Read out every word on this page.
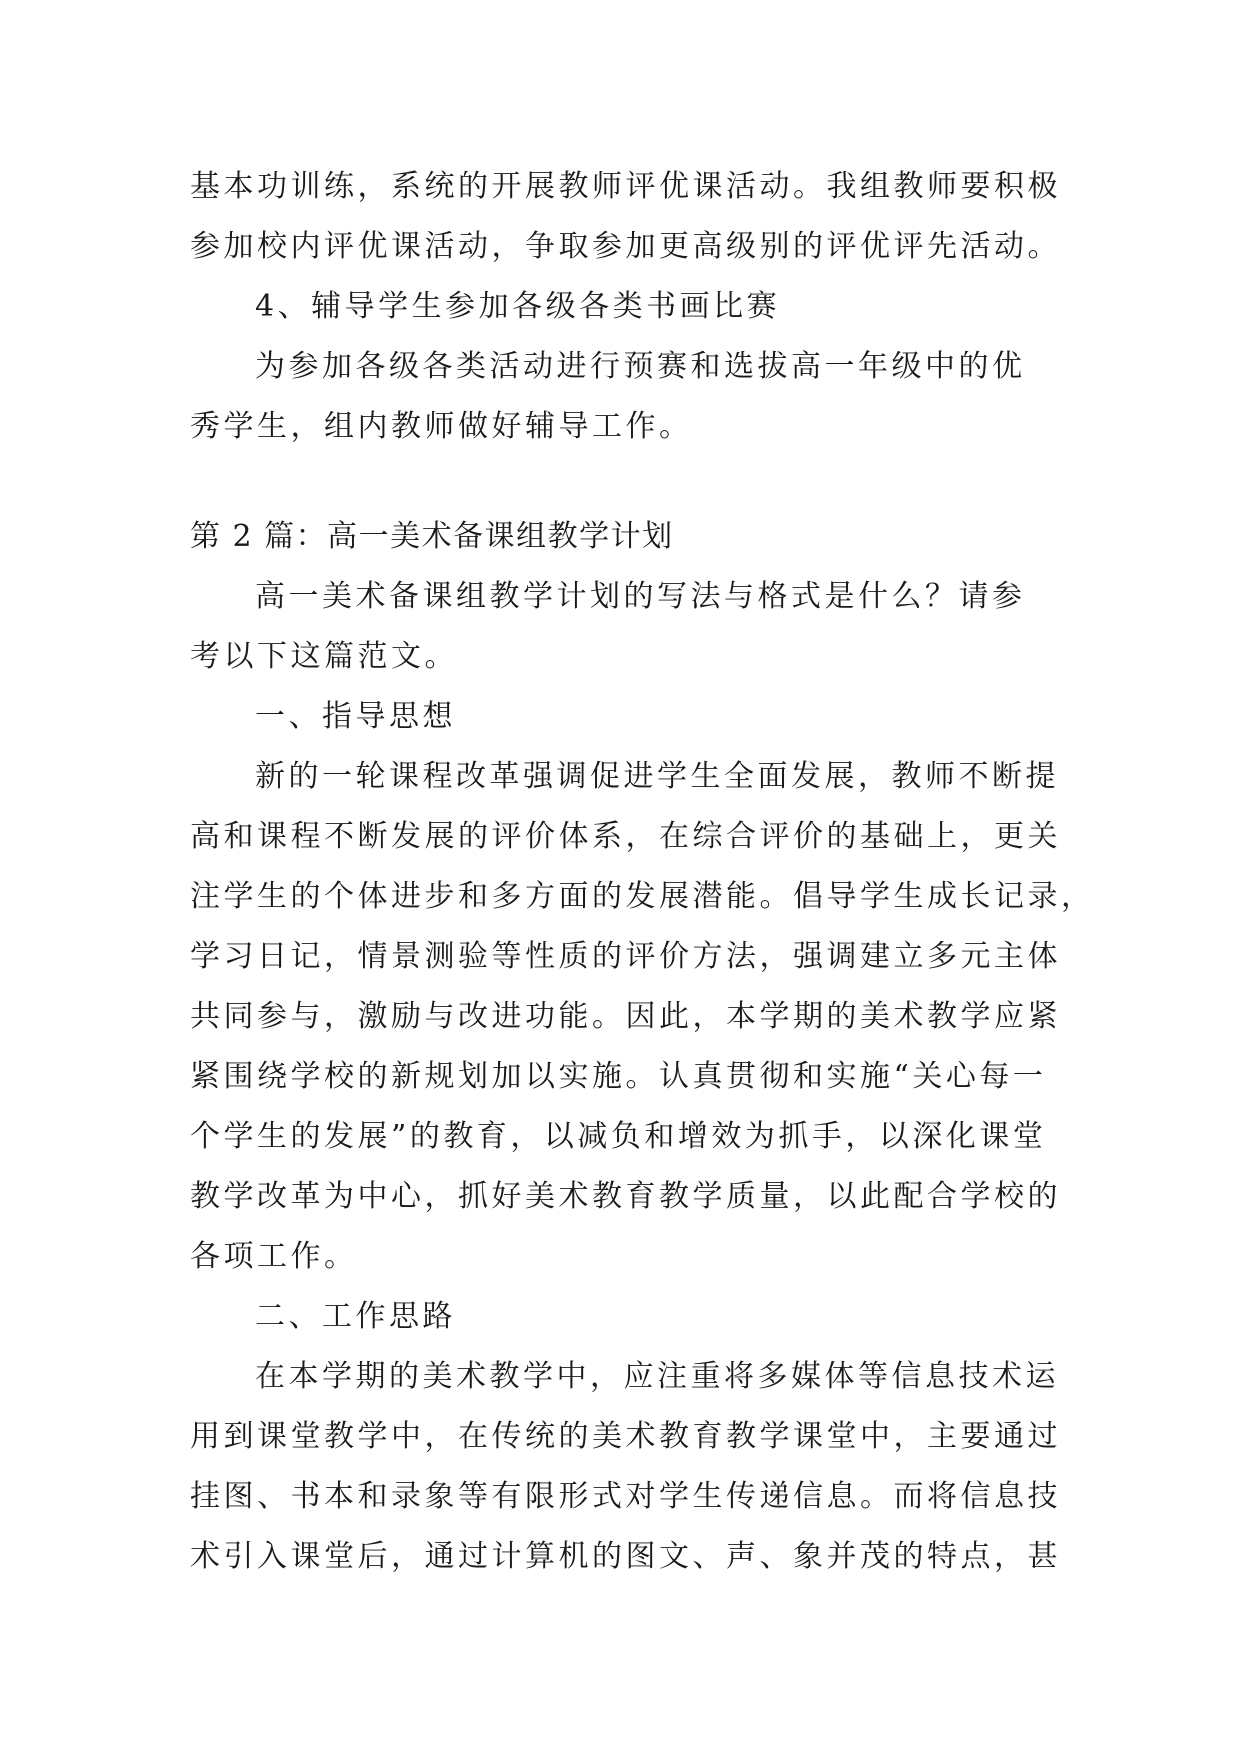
基本功训练，系统的开展教师评优课活动。我组教师要积极
参加校内评优课活动，争取参加更高级别的评优评先活动。
4、辅导学生参加各级各类书画比赛
为参加各级各类活动进行预赛和选拔高一年级中的优
秀学生，组内教师做好辅导工作。
第 2 篇：高一美术备课组教学计划
高一美术备课组教学计划的写法与格式是什么？请参
考以下这篇范文。
一、指导思想
新的一轮课程改革强调促进学生全面发展，教师不断提
高和课程不断发展的评价体系，在综合评价的基础上，更关
注学生的个体进步和多方面的发展潜能。倡导学生成长记录，
学习日记，情景测验等性质的评价方法，强调建立多元主体
共同参与，激励与改进功能。因此，本学期的美术教学应紧
紧围绕学校的新规划加以实施。认真贯彻和实施“关心每一
个学生的发展”的教育，以减负和增效为抓手，以深化课堂
教学改革为中心，抓好美术教育教学质量，以此配合学校的
各项工作。
二、工作思路
在本学期的美术教学中，应注重将多媒体等信息技术运
用到课堂教学中，在传统的美术教育教学课堂中，主要通过
挂图、书本和录象等有限形式对学生传递信息。而将信息技
术引入课堂后，通过计算机的图文、声、象并茂的特点，甚
